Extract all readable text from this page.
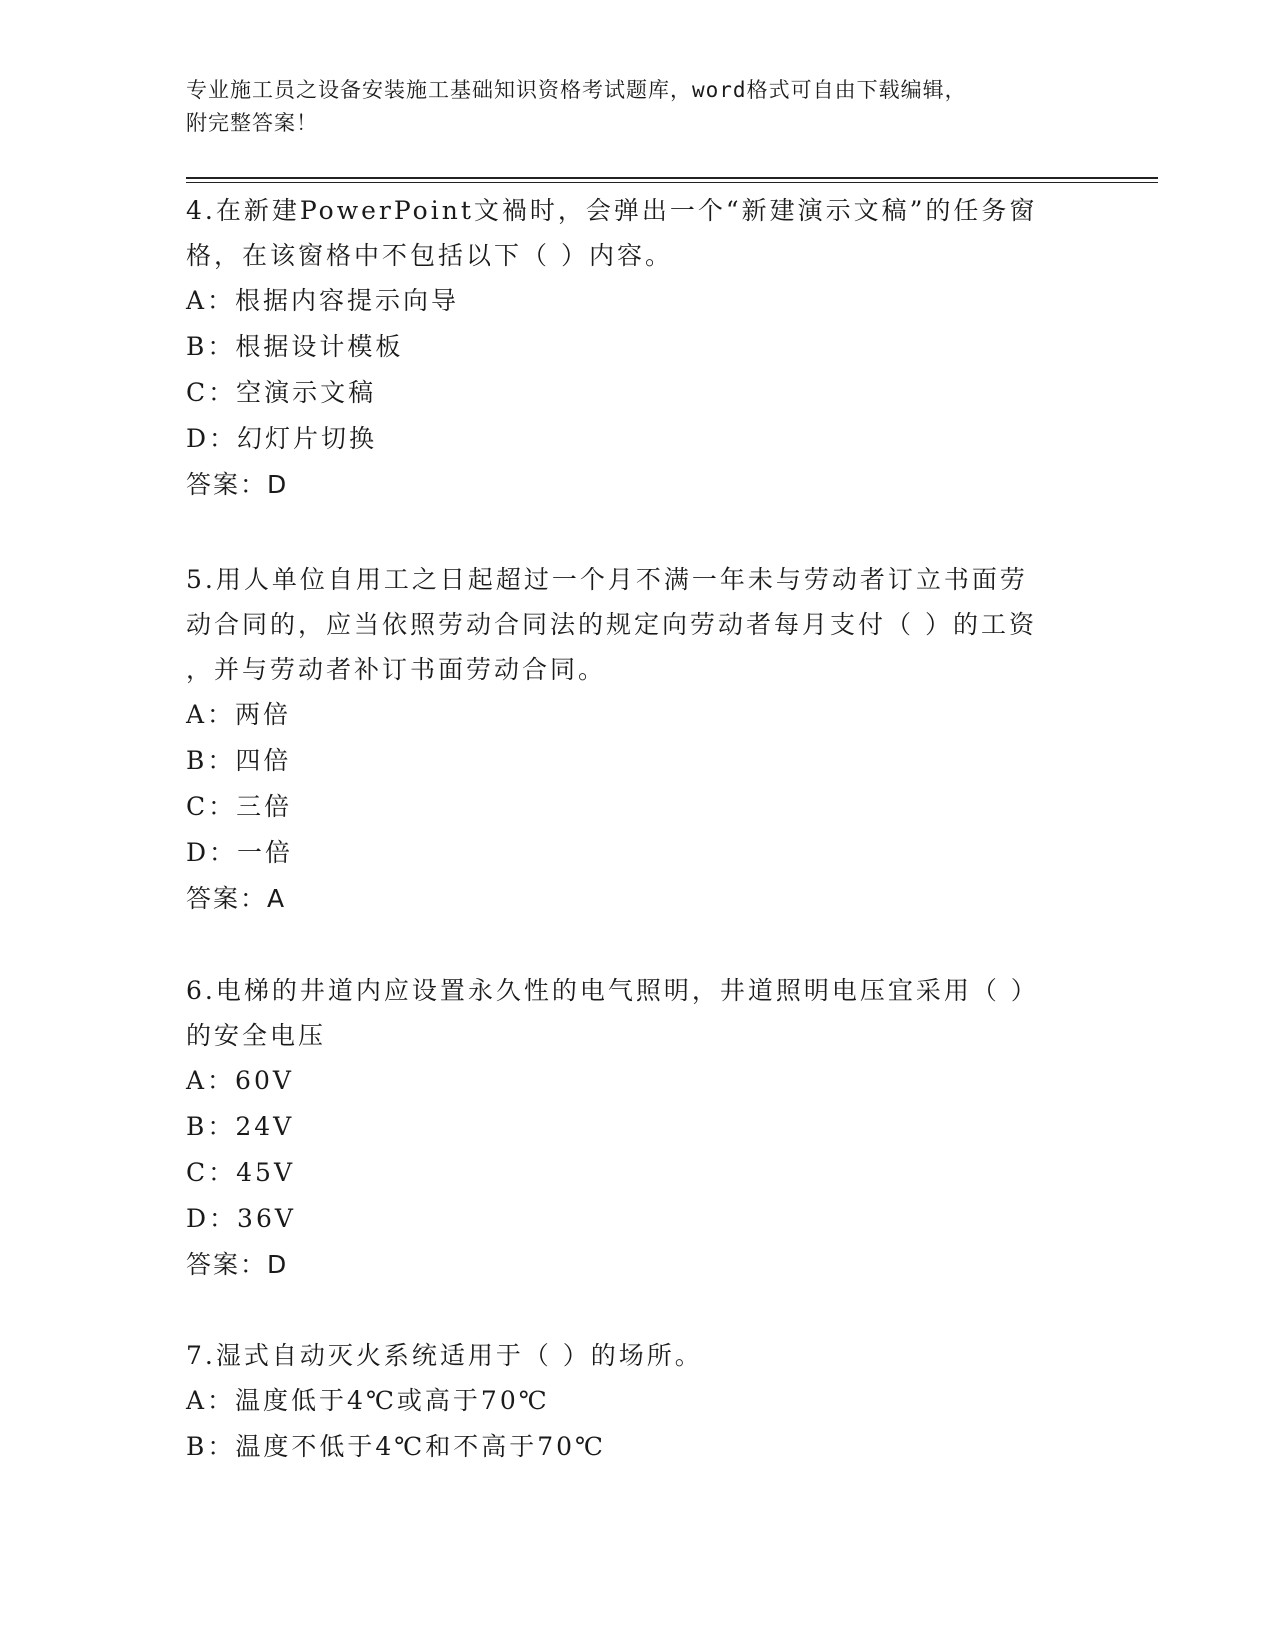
专业施工员之设备安装施工基础知识资格考试题库，word格式可自由下载编辑，
附完整答案！
4.在新建PowerPoint文禍时，会弹出一个“新建演示文稿”的任务窗
格，在该窗格中不包括以下（ ）内容。
A：根据内容提示向导
B：根据设计模板
C：空演示文稿
D：幻灯片切换
答案：D
5.用人单位自用工之日起超过一个月不满一年未与劳动者订立书面劳
动合同的，应当依照劳动合同法的规定向劳动者每月支付（ ）的工资
，并与劳动者补订书面劳动合同。
A：两倍
B：四倍
C：三倍
D：一倍
答案：A
6.电梯的井道内应设置永久性的电气照明，井道照明电压宜采用（ ）
的安全电压
A：60V
B：24V
C：45V
D：36V
答案：D
7.湿式自动灭火系统适用于（ ）的场所。
A：温度低于4℃或高于70℃
B：温度不低于4℃和不高于70℃
